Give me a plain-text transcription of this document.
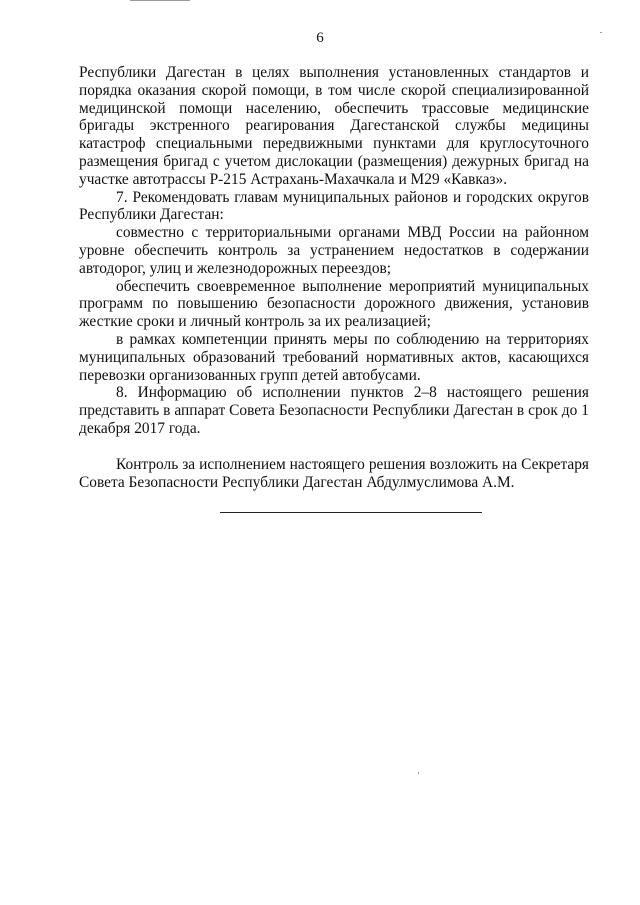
6

Республики Дагестан в целях выполнения установленных стандартов и порядка оказания скорой помощи, в том числе скорой специализированной медицинской помощи населению, обеспечить трассовые медицинские бригады экстренного реагирования Дагестанской службы медицины катастроф специальными передвижными пунктами для круглосуточного размещения бригад с учетом дислокации (размещения) дежурных бригад на участке автотрассы Р-215 Астрахань-Махачкала и М29 «Кавказ».

7. Рекомендовать главам муниципальных районов и городских округов Республики Дагестан:

совместно с территориальными органами МВД России на районном уровне обеспечить контроль за устранением недостатков в содержании автодорог, улиц и железнодорожных переездов;

обеспечить своевременное выполнение мероприятий муниципальных программ по повышению безопасности дорожного движения, установив жесткие сроки и личный контроль за их реализацией;

в рамках компетенции принять меры по соблюдению на территориях муниципальных образований требований нормативных актов, касающихся перевозки организованных групп детей автобусами.

8. Информацию об исполнении пунктов 2–8 настоящего решения представить в аппарат Совета Безопасности Республики Дагестан в срок до 1 декабря 2017 года.

Контроль за исполнением настоящего решения возложить на Секретаря Совета Безопасности Республики Дагестан Абдулмуслимова А.М.
